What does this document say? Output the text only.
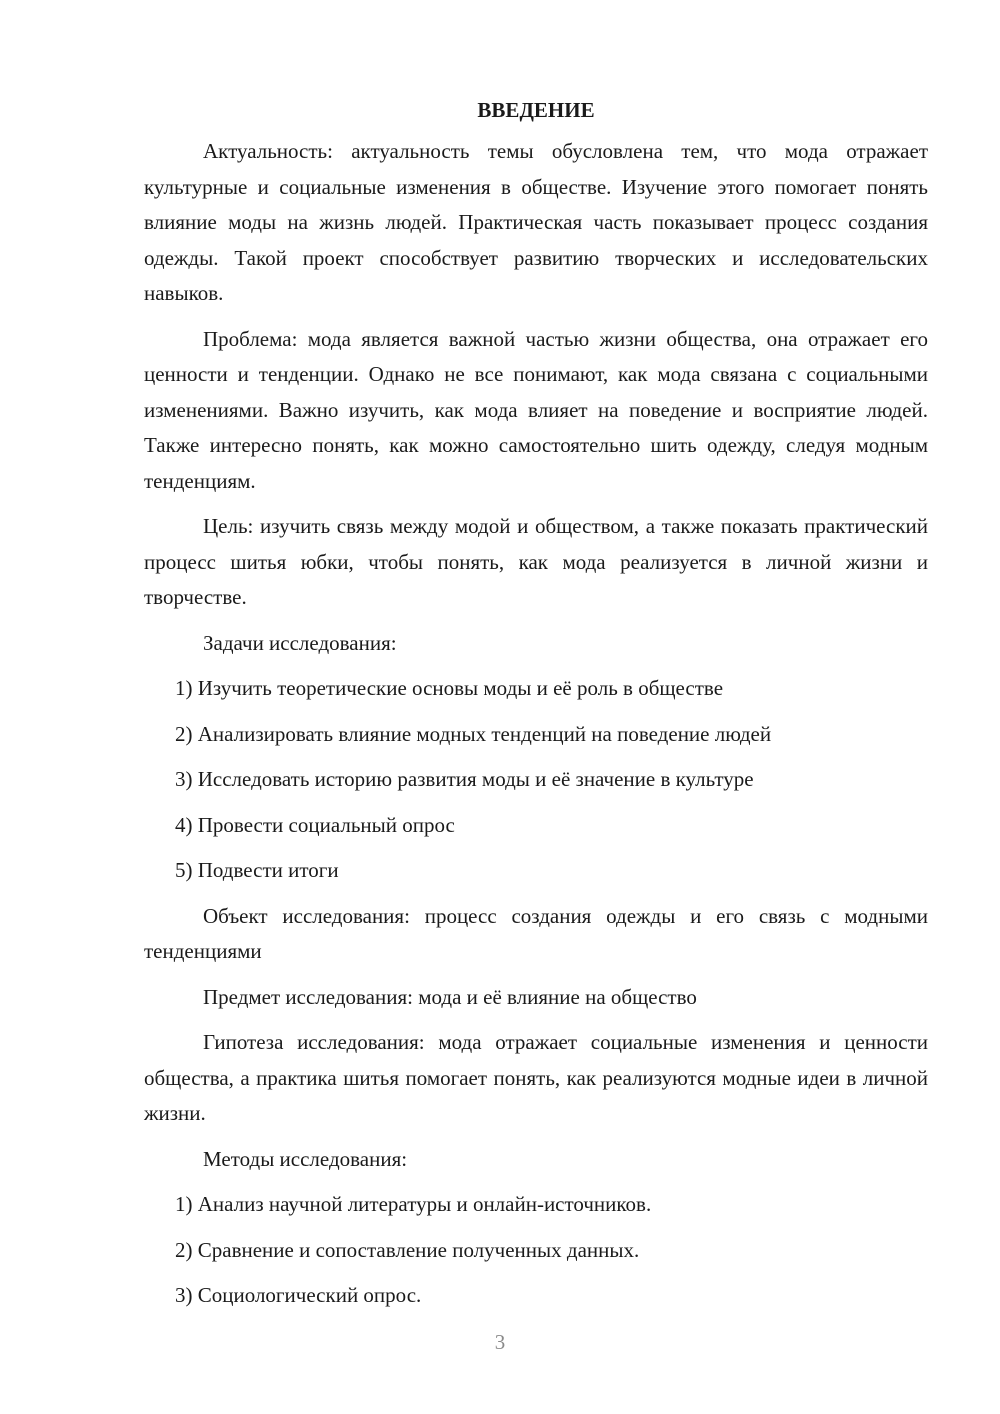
ВВЕДЕНИЕ

Актуальность: актуальность темы обусловлена тем, что мода отражает культурные и социальные изменения в обществе. Изучение этого помогает понять влияние моды на жизнь людей. Практическая часть показывает процесс создания одежды. Такой проект способствует развитию творческих и исследовательских навыков.

Проблема: мода является важной частью жизни общества, она отражает его ценности и тенденции. Однако не все понимают, как мода связана с социальными изменениями. Важно изучить, как мода влияет на поведение и восприятие людей. Также интересно понять, как можно самостоятельно шить одежду, следуя модным тенденциям.

Цель: изучить связь между модой и обществом, а также показать практический процесс шитья юбки, чтобы понять, как мода реализуется в личной жизни и творчестве.

Задачи исследования:

1) Изучить теоретические основы моды и её роль в обществе

2) Анализировать влияние модных тенденций на поведение людей

3) Исследовать историю развития моды и её значение в культуре

4) Провести социальный опрос

5) Подвести итоги

Объект исследования: процесс создания одежды и его связь с модными тенденциями

Предмет исследования: мода и её влияние на общество

Гипотеза исследования: мода отражает социальные изменения и ценности общества, а практика шитья помогает понять, как реализуются модные идеи в личной жизни.

Методы исследования:

1) Анализ научной литературы и онлайн-источников.

2) Сравнение и сопоставление полученных данных.

3) Социологический опрос.

3
